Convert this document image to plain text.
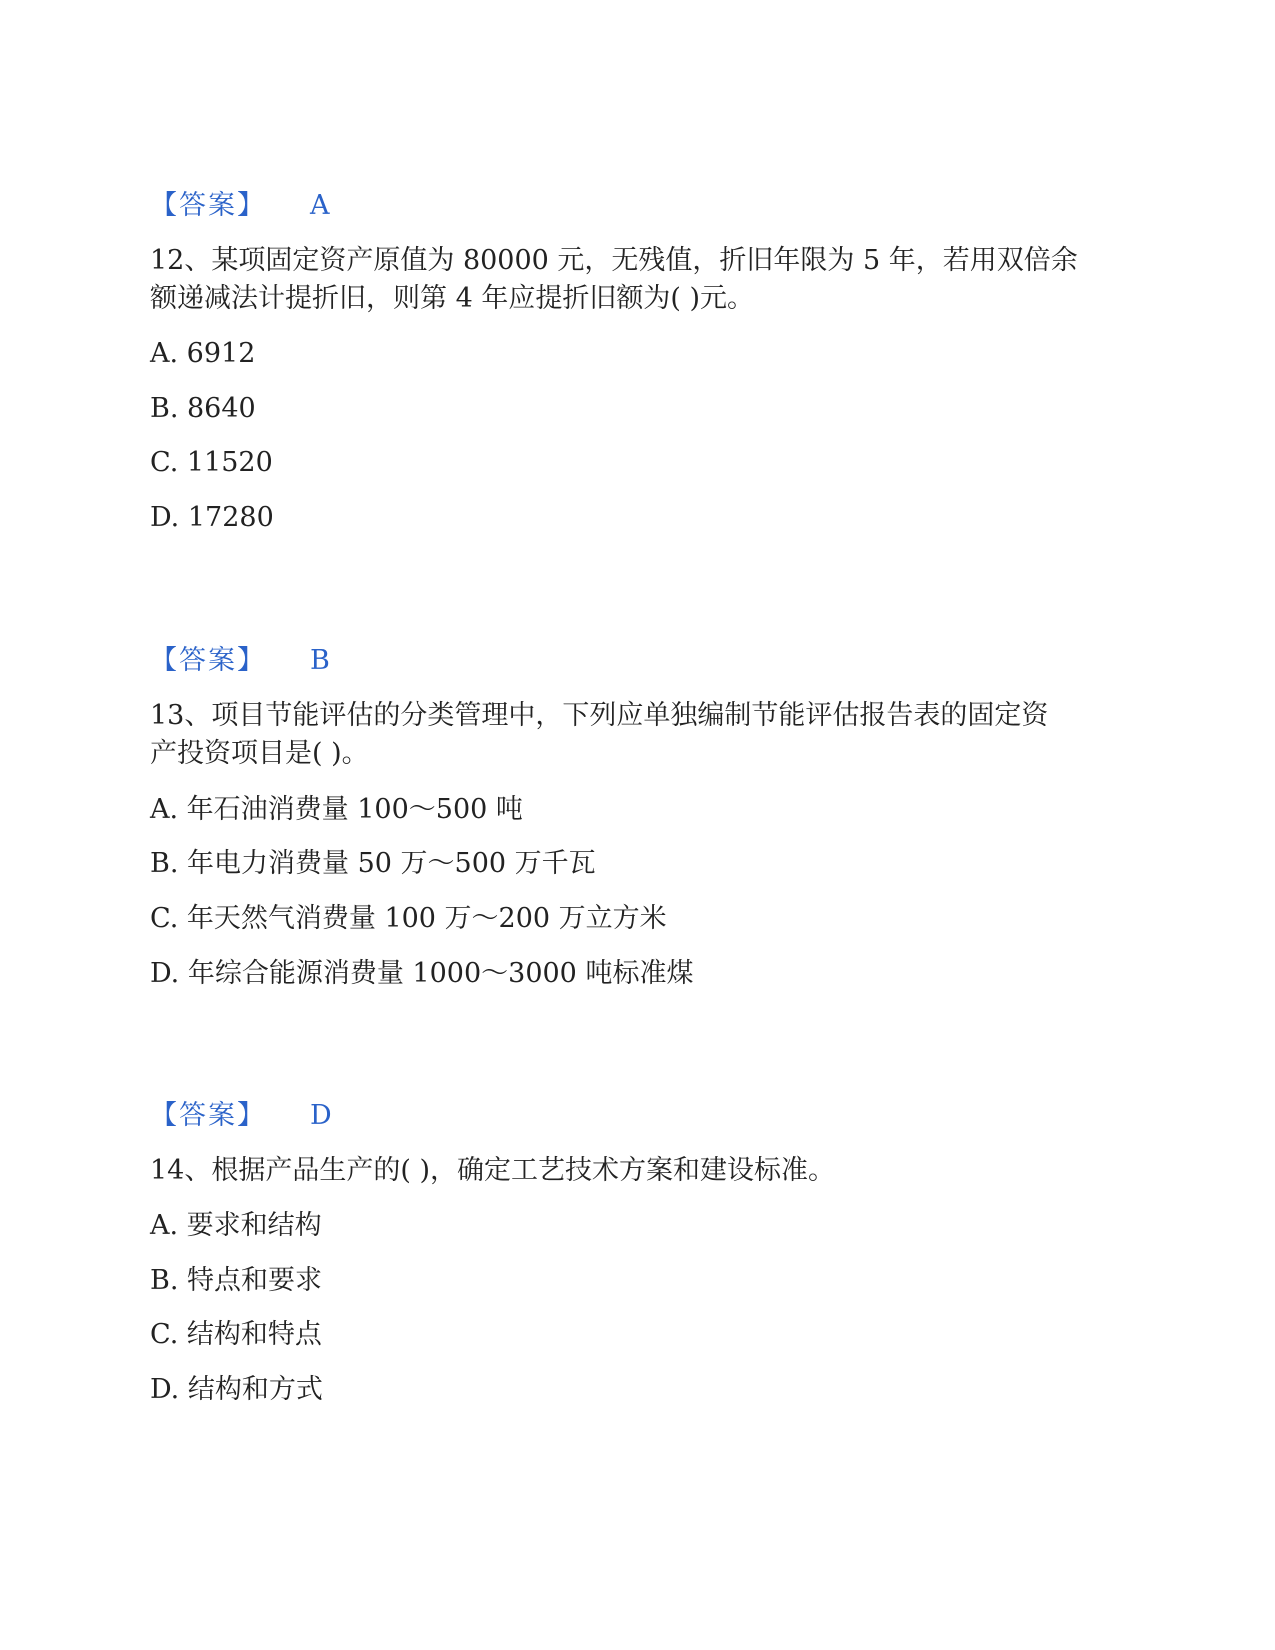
【答案】 A
12、某项固定资产原值为 80000 元，无残值，折旧年限为 5 年，若用双倍余
额递减法计提折旧，则第 4 年应提折旧额为( )元。
A. 6912
B. 8640
C. 11520
D. 17280
【答案】 B
13、项目节能评估的分类管理中，下列应单独编制节能评估报告表的固定资
产投资项目是( )。
A. 年石油消费量 100～500 吨
B. 年电力消费量 50 万～500 万千瓦
C. 年天然气消费量 100 万～200 万立方米
D. 年综合能源消费量 1000～3000 吨标准煤
【答案】 D
14、根据产品生产的( )，确定工艺技术方案和建设标准。
A. 要求和结构
B. 特点和要求
C. 结构和特点
D. 结构和方式
